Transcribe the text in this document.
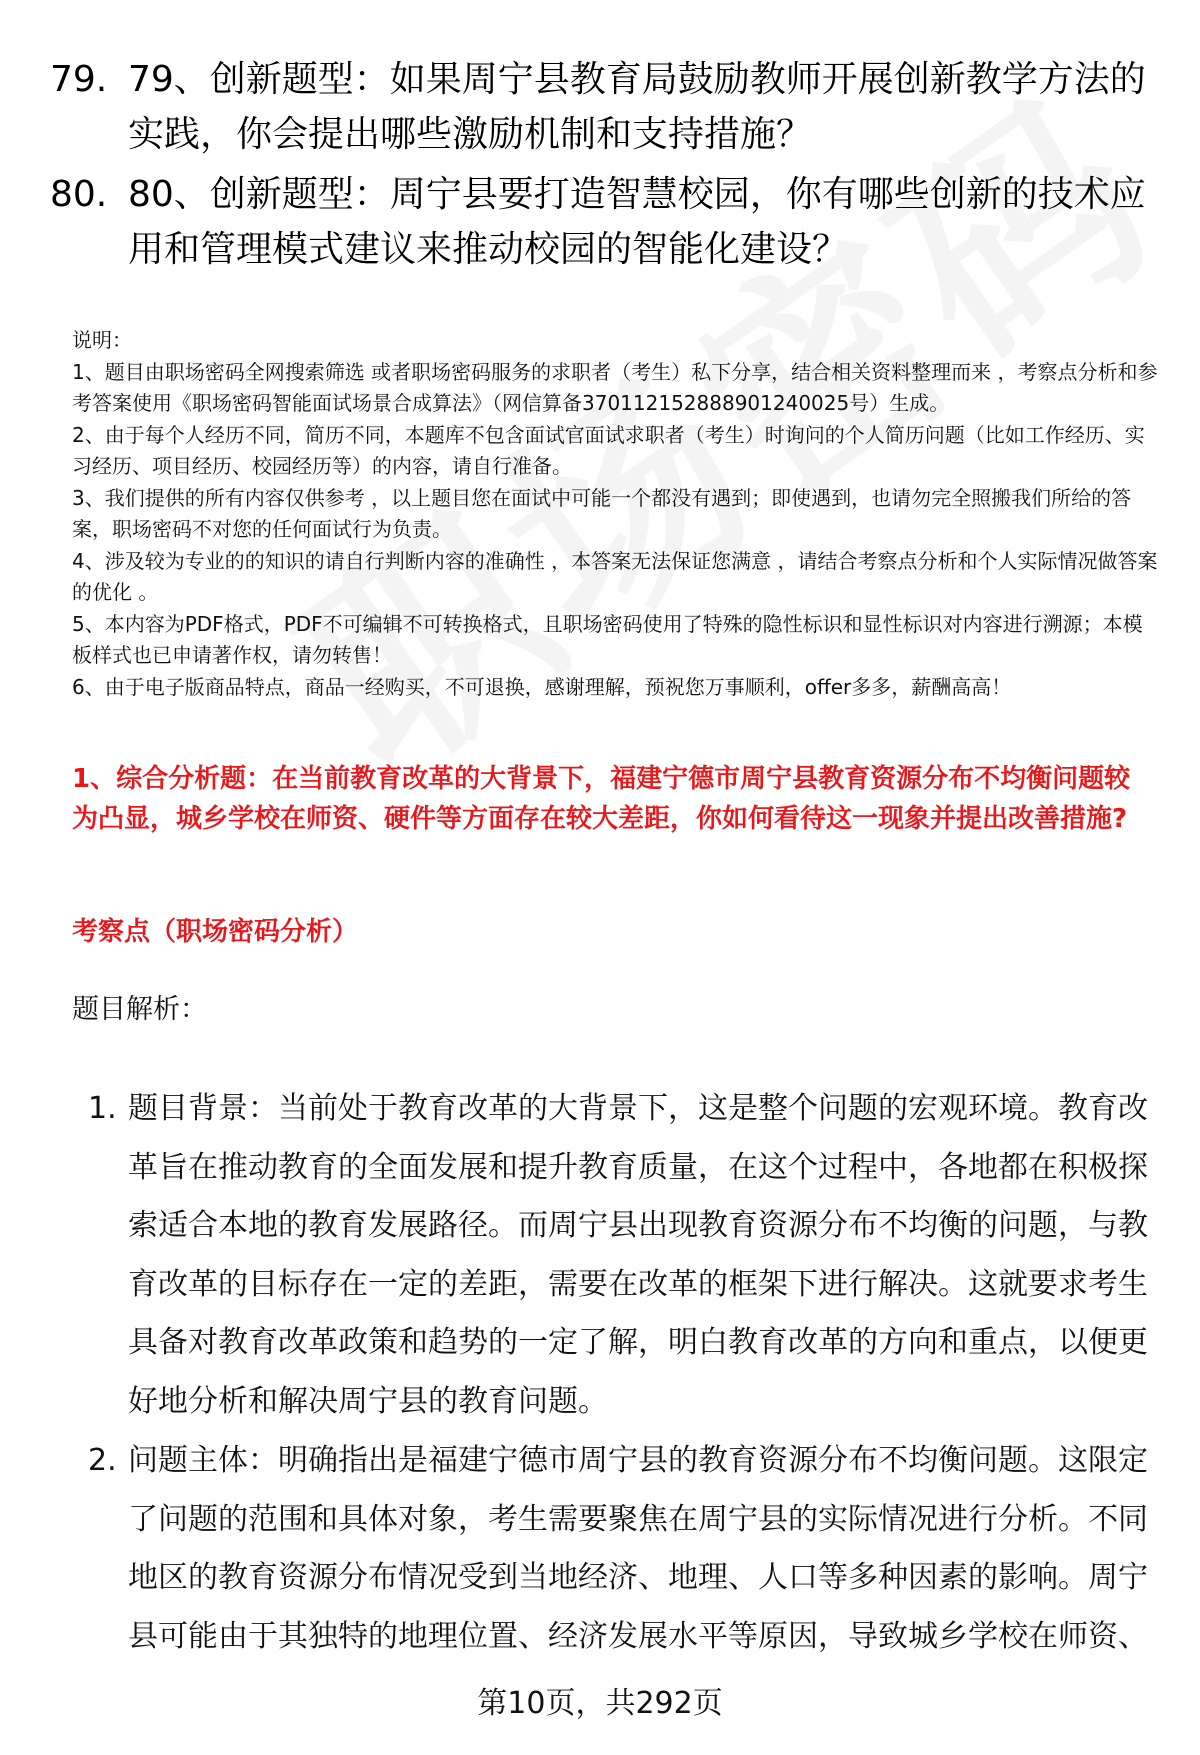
79. 79、创新题型：如果周宁县教育局鼓励教师开展创新教学方法的实践，你会提出哪些激励机制和支持措施？
80. 80、创新题型：周宁县要打造智慧校园，你有哪些创新的技术应用和管理模式建议来推动校园的智能化建设？
说明：
1、题目由职场密码全网搜索筛选 或者职场密码服务的求职者（考生）私下分享，结合相关资料整理而来 ，考察点分析和参考答案使用《职场密码智能面试场景合成算法》（网信算备370112152888901240025号）生成。
2、由于每个人经历不同，简历不同，本题库不包含面试官面试求职者（考生）时询问的个人简历问题（比如工作经历、实习经历、项目经历、校园经历等）的内容，请自行准备。
3、我们提供的所有内容仅供参考 ，以上题目您在面试中可能一个都没有遇到；即使遇到，也请勿完全照搬我们所给的答案，职场密码不对您的任何面试行为负责。
4、涉及较为专业的的知识的请自行判断内容的准确性 ，本答案无法保证您满意 ，请结合考察点分析和个人实际情况做答案的优化 。
5、本内容为PDF格式，PDF不可编辑不可转换格式，且职场密码使用了特殊的隐性标识和显性标识对内容进行溯源；本模板样式也已申请著作权，请勿转售！
6、由于电子版商品特点，商品一经购买，不可退换，感谢理解，预祝您万事顺利，offer多多，薪酬高高！
1、综合分析题：在当前教育改革的大背景下，福建宁德市周宁县教育资源分布不均衡问题较为凸显，城乡学校在师资、硬件等方面存在较大差距，你如何看待这一现象并提出改善措施?
考察点（职场密码分析）
题目解析：
1. 题目背景：当前处于教育改革的大背景下，这是整个问题的宏观环境。教育改革旨在推动教育的全面发展和提升教育质量，在这个过程中，各地都在积极探索适合本地的教育发展路径。而周宁县出现教育资源分布不均衡的问题，与教育改革的目标存在一定的差距，需要在改革的框架下进行解决。这就要求考生具备对教育改革政策和趋势的一定了解，明白教育改革的方向和重点，以便更好地分析和解决周宁县的教育问题。
2. 问题主体：明确指出是福建宁德市周宁县的教育资源分布不均衡问题。这限定了问题的范围和具体对象，考生需要聚焦在周宁县的实际情况进行分析。不同地区的教育资源分布情况受到当地经济、地理、人口等多种因素的影响。周宁县可能由于其独特的地理位置、经济发展水平等原因，导致城乡学校在师资、
第10页，共292页
